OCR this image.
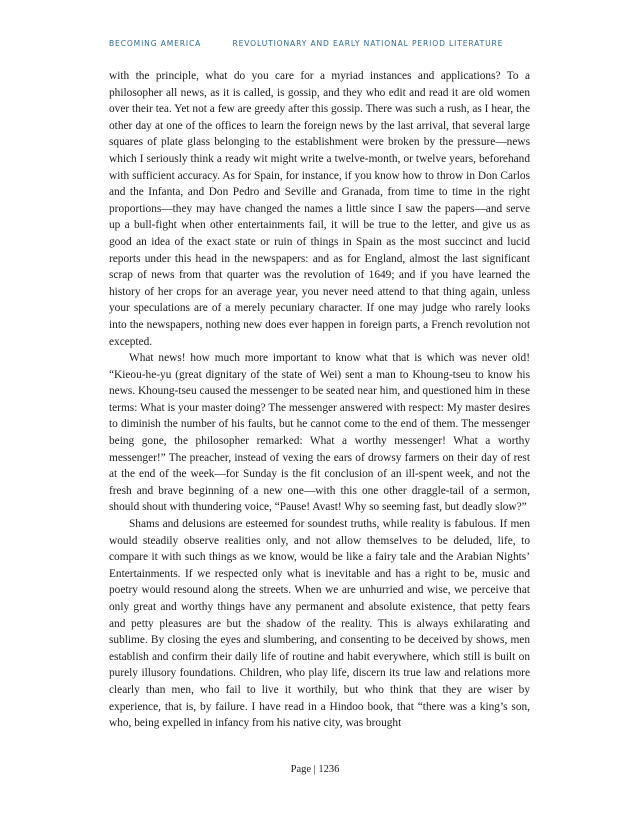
BECOMING AMERICA	REVOLUTIONARY AND EARLY NATIONAL PERIOD LITERATURE

with the principle, what do you care for a myriad instances and applications? To a philosopher all news, as it is called, is gossip, and they who edit and read it are old women over their tea. Yet not a few are greedy after this gossip. There was such a rush, as I hear, the other day at one of the offices to learn the foreign news by the last arrival, that several large squares of plate glass belonging to the establishment were broken by the pressure—news which I seriously think a ready wit might write a twelve-month, or twelve years, beforehand with sufficient accuracy. As for Spain, for instance, if you know how to throw in Don Carlos and the Infanta, and Don Pedro and Seville and Granada, from time to time in the right proportions—they may have changed the names a little since I saw the papers—and serve up a bull-fight when other entertainments fail, it will be true to the letter, and give us as good an idea of the exact state or ruin of things in Spain as the most succinct and lucid reports under this head in the newspapers: and as for England, almost the last significant scrap of news from that quarter was the revolution of 1649; and if you have learned the history of her crops for an average year, you never need attend to that thing again, unless your speculations are of a merely pecuniary character. If one may judge who rarely looks into the newspapers, nothing new does ever happen in foreign parts, a French revolution not excepted.

What news! how much more important to know what that is which was never old! “Kieou-he-yu (great dignitary of the state of Wei) sent a man to Khoung-tseu to know his news. Khoung-tseu caused the messenger to be seated near him, and questioned him in these terms: What is your master doing? The messenger answered with respect: My master desires to diminish the number of his faults, but he cannot come to the end of them. The messenger being gone, the philosopher remarked: What a worthy messenger! What a worthy messenger!” The preacher, instead of vexing the ears of drowsy farmers on their day of rest at the end of the week—for Sunday is the fit conclusion of an ill-spent week, and not the fresh and brave beginning of a new one—with this one other draggle-tail of a sermon, should shout with thundering voice, “Pause! Avast! Why so seeming fast, but deadly slow?”

Shams and delusions are esteemed for soundest truths, while reality is fabulous. If men would steadily observe realities only, and not allow themselves to be deluded, life, to compare it with such things as we know, would be like a fairy tale and the Arabian Nights’ Entertainments. If we respected only what is inevitable and has a right to be, music and poetry would resound along the streets. When we are unhurried and wise, we perceive that only great and worthy things have any permanent and absolute existence, that petty fears and petty pleasures are but the shadow of the reality. This is always exhilarating and sublime. By closing the eyes and slumbering, and consenting to be deceived by shows, men establish and confirm their daily life of routine and habit everywhere, which still is built on purely illusory foundations. Children, who play life, discern its true law and relations more clearly than men, who fail to live it worthily, but who think that they are wiser by experience, that is, by failure. I have read in a Hindoo book, that “there was a king’s son, who, being expelled in infancy from his native city, was brought

Page | 1236
